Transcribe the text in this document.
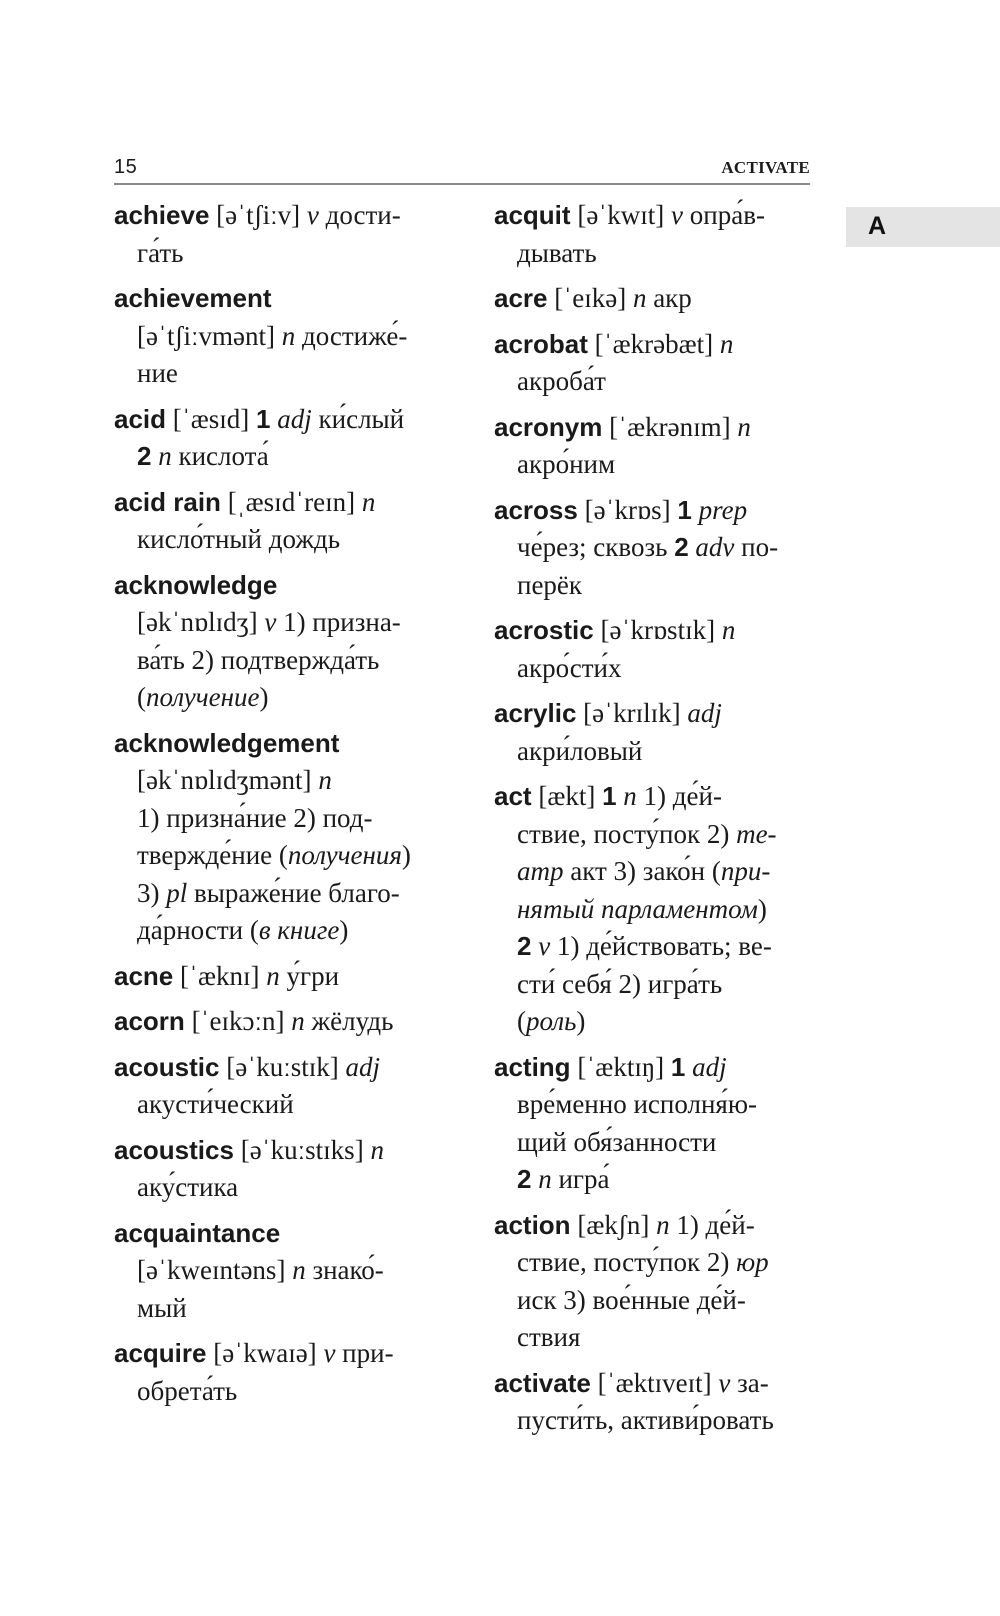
15	ACTIVATE
A
achieve [əˈtʃiːv] v дости-
га́ть
achievement
[əˈtʃiːvmənt] n достиже́-
ние
acid [ˈæsɪd] 1 adj ки́слый
2 n кислота́
acid rain [ˌæsɪdˈreɪn] n
кисло́тный дождь
acknowledge
[əkˈnɒlɪdʒ] v 1) призна-
ва́ть 2) подтвержда́ть
(получение)
acknowledgement
[əkˈnɒlɪdʒmənt] n
1) призна́ние 2) под-
твержде́ние (получения)
3) pl выраже́ние благо-
да́рности (в книге)
acne [ˈæknɪ] n у́гри
acorn [ˈeɪkɔːn] n жёлудь
acoustic [əˈkuːstɪk] adj
акусти́ческий
acoustics [əˈkuːstɪks] n
аку́стика
acquaintance
[əˈkweɪntəns] n знако́-
мый
acquire [əˈkwaɪə] v при-
обрета́ть
acquit [əˈkwɪt] v опра́в-
дывать
acre [ˈeɪkə] n акр
acrobat [ˈækrəbæt] n
акроба́т
acronym [ˈækrənɪm] n
акро́ним
across [əˈkrɒs] 1 prep
че́рез; сквозь 2 adv по-
перёк
acrostic [əˈkrɒstɪk] n
акро́сти́х
acrylic [əˈkrɪlɪk] adj
акри́ловый
act [ækt] 1 n 1) де́й-
ствие, посту́пок 2) те-
атр акт 3) зако́н (при-
нятый парламентом)
2 v 1) де́йствовать; ве-
сти́ себя́ 2) игра́ть
(роль)
acting [ˈæktɪŋ] 1 adj
вре́менно исполня́ю-
щий обя́занности
2 n игра́
action [ækʃn] n 1) де́й-
ствие, посту́пок 2) юр
иск 3) вое́нные де́й-
ствия
activate [ˈæktɪveɪt] v за-
пусти́ть, активи́ровать
